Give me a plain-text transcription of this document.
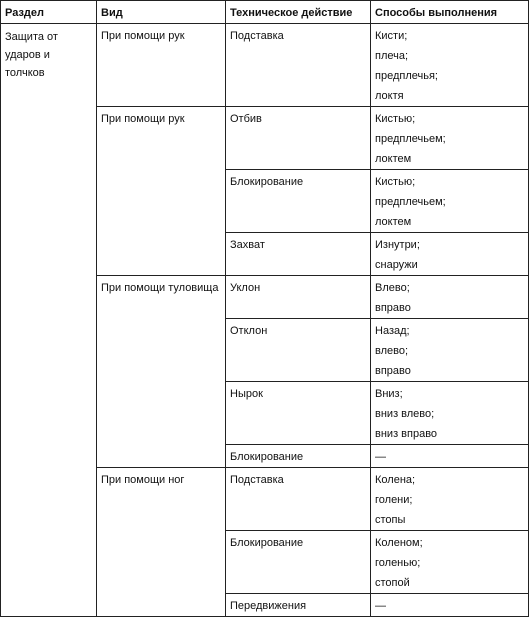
Раздел	Вид	Техническое действие	Способы выполнения
Защита от ударов и толчков	При помощи рук	Подставка	Кисти;
плеча;
предплечья;
локтя

	При помощи рук	Отбив	Кистью;
предплечьем;
локтем

		Блокирование	Кистью;
предплечьем;
локтем

		Захват	Изнутри;
снаружи

	При помощи туловища	Уклон	Влево;
вправо

		Отклон	Назад;
влево;
вправо

		Нырок	Вниз;
вниз влево;
вниз вправо

		Блокирование	—

	При помощи ног	Подставка	Колена;
голени;
стопы

		Блокирование	Коленом;
голенью;
стопой

		Передвижения	—
